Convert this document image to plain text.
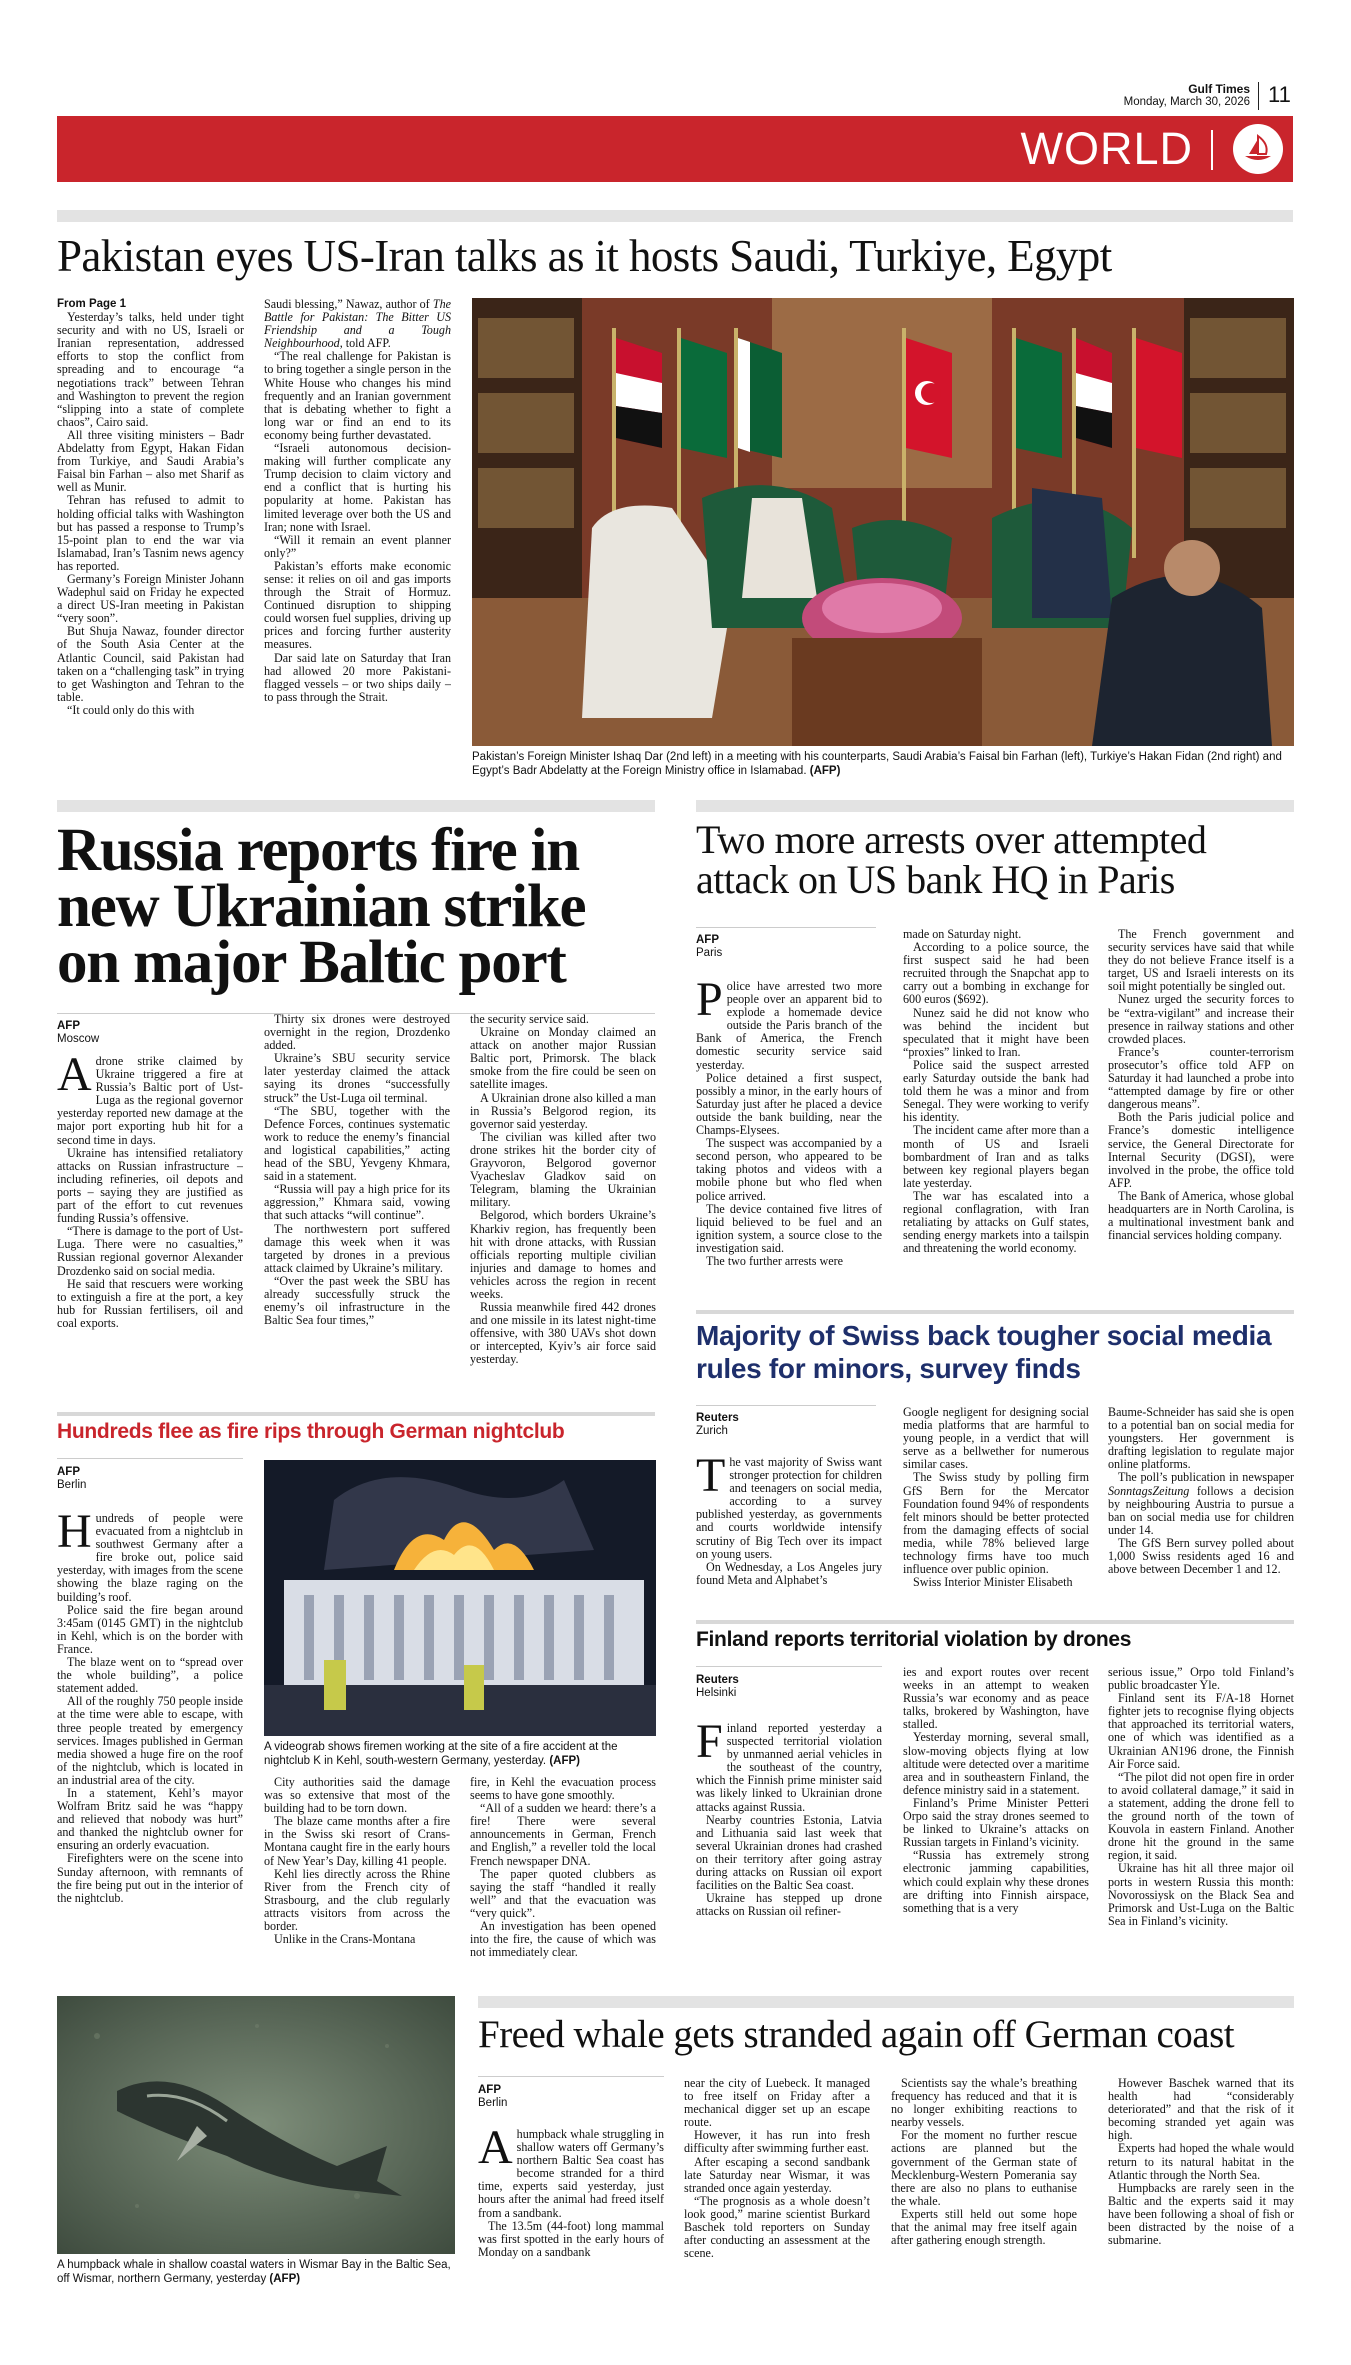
Gulf Times
Monday, March 30, 2026 11
WORLD
Pakistan eyes US-Iran talks as it hosts Saudi, Turkiye, Egypt

From Page 1

Yesterday’s talks, held under tight security and with no US, Israeli or Iranian representation, addressed efforts to stop the conflict from spreading and to encourage “a negotiations track” between Tehran and Washington to prevent the region “slipping into a state of complete chaos”, Cairo said.

All three visiting ministers – Badr Abdelatty from Egypt, Hakan Fidan from Turkiye, and Saudi Arabia’s Faisal bin Farhan – also met Sharif as well as Munir.

Tehran has refused to admit to holding official talks with Washington but has passed a response to Trump’s 15-point plan to end the war via Islamabad, Iran’s Tasnim news agency has reported.

Germany’s Foreign Minister Johann Wadephul said on Friday he expected a direct US-Iran meeting in Pakistan “very soon”.

But Shuja Nawaz, founder director of the South Asia Center at the Atlantic Council, said Pakistan had taken on a “challenging task” in trying to get Washington and Tehran to the table.

“It could only do this with

Saudi blessing,” Nawaz, author of The Battle for Pakistan: The Bitter US Friendship and a Tough Neighbourhood, told AFP.

“The real challenge for Pakistan is to bring together a single person in the White House who changes his mind frequently and an Iranian government that is debating whether to fight a long war or find an end to its economy being further devastated.

“Israeli autonomous decision-making will further complicate any Trump decision to claim victory and end a conflict that is hurting his popularity at home. Pakistan has limited leverage over both the US and Iran; none with Israel.

“Will it remain an event planner only?”

Pakistan’s efforts make economic sense: it relies on oil and gas imports through the Strait of Hormuz. Continued disruption to shipping could worsen fuel supplies, driving up prices and forcing further austerity measures.

Dar said late on Saturday that Iran had allowed 20 more Pakistani-flagged vessels – or two ships daily – to pass through the Strait.

Pakistan’s Foreign Minister Ishaq Dar (2nd left) in a meeting with his counterparts, Saudi Arabia’s Faisal bin Farhan (left), Turkiye’s Hakan Fidan (2nd right) and Egypt’s Badr Abdelatty at the Foreign Ministry office in Islamabad. (AFP)
Russia reports fire in new Ukrainian strike on major Baltic port
AFP
Moscow

Adrone strike claimed by Ukraine triggered a fire at Russia’s Baltic port of Ust-Luga as the regional governor yesterday reported new damage at the major port exporting hub hit for a second time in days.

Ukraine has intensified retaliatory attacks on Russian infrastructure – including refineries, oil depots and ports – saying they are justified as part of the effort to cut revenues funding Russia’s offensive.

“There is damage to the port of Ust-Luga. There were no casualties,” Russian regional governor Alexander Drozdenko said on social media.

He said that rescuers were working to extinguish a fire at the port, a key hub for Russian fertilisers, oil and coal exports.

Thirty six drones were destroyed overnight in the region, Drozdenko added.

Ukraine’s SBU security service later yesterday claimed the attack saying its drones “successfully struck” the Ust-Luga oil terminal.

“The SBU, together with the Defence Forces, continues systematic work to reduce the enemy’s financial and logistical capabilities,” acting head of the SBU, Yevgeny Khmara, said in a statement.

“Russia will pay a high price for its aggression,” Khmara said, vowing that such attacks “will continue”.

The northwestern port suffered damage this week when it was targeted by drones in a previous attack claimed by Ukraine’s military.

“Over the past week the SBU has already successfully struck the enemy’s oil infrastructure in the Baltic Sea four times,”

the security service said.

Ukraine on Monday claimed an attack on another major Russian Baltic port, Primorsk. The black smoke from the fire could be seen on satellite images.

A Ukrainian drone also killed a man in Russia’s Belgorod region, its governor said yesterday.

The civilian was killed after two drone strikes hit the border city of Grayvoron, Belgorod governor Vyacheslav Gladkov said on Telegram, blaming the Ukrainian military.

Belgorod, which borders Ukraine’s Kharkiv region, has frequently been hit with drone attacks, with Russian officials reporting multiple civilian injuries and damage to homes and vehicles across the region in recent weeks.

Russia meanwhile fired 442 drones and one missile in its latest night-time offensive, with 380 UAVs shot down or intercepted, Kyiv’s air force said yesterday.

Two more arrests over attempted attack on US bank HQ in Paris
AFP
Paris

Police have arrested two more people over an apparent bid to explode a homemade device outside the Paris branch of the Bank of America, the French domestic security service said yesterday.

Police detained a first suspect, possibly a minor, in the early hours of Saturday just after he placed a device outside the bank building, near the Champs-Elysees.

The suspect was accompanied by a second person, who appeared to be taking photos and videos with a mobile phone but who fled when police arrived.

The device contained five litres of liquid believed to be fuel and an ignition system, a source close to the investigation said.

The two further arrests were

made on Saturday night.

According to a police source, the first suspect said he had been recruited through the Snapchat app to carry out a bombing in exchange for 600 euros ($692).

Nunez said he did not know who was behind the incident but speculated that it might have been “proxies” linked to Iran.

Police said the suspect arrested early Saturday outside the bank had told them he was a minor and from Senegal. They were working to verify his identity.

The incident came after more than a month of US and Israeli bombardment of Iran and as talks between key regional players began late yesterday.

The war has escalated into a regional conflagration, with Iran retaliating by attacks on Gulf states, sending energy markets into a tailspin and threatening the world economy.

The French government and security services have said that while they do not believe France itself is a target, US and Israeli interests on its soil might potentially be singled out.

Nunez urged the security forces to be “extra-vigilant” and increase their presence in railway stations and other crowded places.

France’s counter-terrorism prosecutor’s office told AFP on Saturday it had launched a probe into “attempted damage by fire or other dangerous means”.

Both the Paris judicial police and France’s domestic intelligence service, the General Directorate for Internal Security (DGSI), were involved in the probe, the office told AFP.

The Bank of America, whose global headquarters are in North Carolina, is a multinational investment bank and financial services holding company.

Majority of Swiss back tougher social media rules for minors, survey finds
Reuters
Zurich

The vast majority of Swiss want stronger protection for children and teenagers on social media, according to a survey published yesterday, as governments and courts worldwide intensify scrutiny of Big Tech over its impact on young users.

On Wednesday, a Los Angeles jury found Meta and Alphabet’s

Google negligent for designing social media platforms that are harmful to young people, in a verdict that will serve as a bellwether for numerous similar cases.

The Swiss study by polling firm GfS Bern for the Mercator Foundation found 94% of respondents felt minors should be better protected from the damaging effects of social media, while 78% believed large technology firms have too much influence over public opinion.

Swiss Interior Minister Elisabeth

Baume-Schneider has said she is open to a potential ban on social media for youngsters. Her government is drafting legislation to regulate major online platforms.

The poll’s publication in newspaper SonntagsZeitung follows a decision by neighbouring Austria to pursue a ban on social media use for children under 14.

The GfS Bern survey polled about 1,000 Swiss residents aged 16 and above between December 1 and 12.

Hundreds flee as fire rips through German nightclub
AFP
Berlin

Hundreds of people were evacuated from a nightclub in southwest Germany after a fire broke out, police said yesterday, with images from the scene showing the blaze raging on the building’s roof.

Police said the fire began around 3:45am (0145 GMT) in the nightclub in Kehl, which is on the border with France.

The blaze went on to “spread over the whole building”, a police statement added.

All of the roughly 750 people inside at the time were able to escape, with three people treated by emergency services. Images published in German media showed a huge fire on the roof of the nightclub, which is located in an industrial area of the city.

In a statement, Kehl’s mayor Wolfram Britz said he was “happy and relieved that nobody was hurt” and thanked the nightclub owner for ensuring an orderly evacuation.

Firefighters were on the scene into Sunday afternoon, with remnants of the fire being put out in the interior of the nightclub.

A videograb shows firemen working at the site of a fire accident at the nightclub K in Kehl, south-western Germany, yesterday. (AFP)

City authorities said the damage was so extensive that most of the building had to be torn down.

The blaze came months after a fire in the Swiss ski resort of Crans-Montana caught fire in the early hours of New Year’s Day, killing 41 people.

Kehl lies directly across the Rhine River from the French city of Strasbourg, and the club regularly attracts visitors from across the border.

Unlike in the Crans-Montana

fire, in Kehl the evacuation process seems to have gone smoothly.

“All of a sudden we heard: there’s a fire! There were several announcements in German, French and English,” a reveller told the local French newspaper DNA.

The paper quoted clubbers as saying the staff “handled it really well” and that the evacuation was “very quick”.

An investigation has been opened into the fire, the cause of which was not immediately clear.

Finland reports territorial violation by drones
Reuters
Helsinki

Finland reported yesterday a suspected territorial violation by unmanned aerial vehicles in the southeast of the country, which the Finnish prime minister said was likely linked to Ukrainian drone attacks against Russia.

Nearby countries Estonia, Latvia and Lithuania said last week that several Ukrainian drones had crashed on their territory after going astray during attacks on Russian oil export facilities on the Baltic Sea coast.

Ukraine has stepped up drone attacks on Russian oil refiner-

ies and export routes over recent weeks in an attempt to weaken Russia’s war economy and as peace talks, brokered by Washington, have stalled.

Yesterday morning, several small, slow-moving objects flying at low altitude were detected over a maritime area and in southeastern Finland, the defence ministry said in a statement.

Finland’s Prime Minister Petteri Orpo said the stray drones seemed to be linked to Ukraine’s attacks on Russian targets in Finland’s vicinity.

“Russia has extremely strong electronic jamming capabilities, which could explain why these drones are drifting into Finnish airspace, something that is a very

serious issue,” Orpo told Finland’s public broadcaster Yle.

Finland sent its F/A-18 Hornet fighter jets to recognise flying objects that approached its territorial waters, one of which was identified as a Ukrainian AN196 drone, the Finnish Air Force said.

“The pilot did not open fire in order to avoid collateral damage,” it said in a statement, adding the drone fell to the ground north of the town of Kouvola in eastern Finland. Another drone hit the ground in the same region, it said.

Ukraine has hit all three major oil ports in western Russia this month: Novorossiysk on the Black Sea and Primorsk and Ust-Luga on the Baltic Sea in Finland’s vicinity.

A humpback whale in shallow coastal waters in Wismar Bay in the Baltic Sea, off Wismar, northern Germany, yesterday (AFP)
Freed whale gets stranded again off German coast
AFP
Berlin

Ahumpback whale struggling in shallow waters off Germany’s northern Baltic Sea coast has become stranded for a third time, experts said yesterday, just hours after the animal had freed itself from a sandbank.

The 13.5m (44-foot) long mammal was first spotted in the early hours of Monday on a sandbank

near the city of Luebeck. It managed to free itself on Friday after a mechanical digger set up an escape route.

However, it has run into fresh difficulty after swimming further east.

After escaping a second sandbank late Saturday near Wismar, it was stranded once again yesterday.

“The prognosis as a whole doesn’t look good,” marine scientist Burkard Baschek told reporters on Sunday after conducting an assessment at the scene.

Scientists say the whale’s breathing frequency has reduced and that it is no longer exhibiting reactions to nearby vessels.

For the moment no further rescue actions are planned but the government of the German state of Mecklenburg-Western Pomerania say there are also no plans to euthanise the whale.

Experts still held out some hope that the animal may free itself again after gathering enough strength.

However Baschek warned that its health had “considerably deteriorated” and that the risk of it becoming stranded yet again was high.

Experts had hoped the whale would return to its natural habitat in the Atlantic through the North Sea.

Humpbacks are rarely seen in the Baltic and the experts said it may have been following a shoal of fish or been distracted by the noise of a submarine.
